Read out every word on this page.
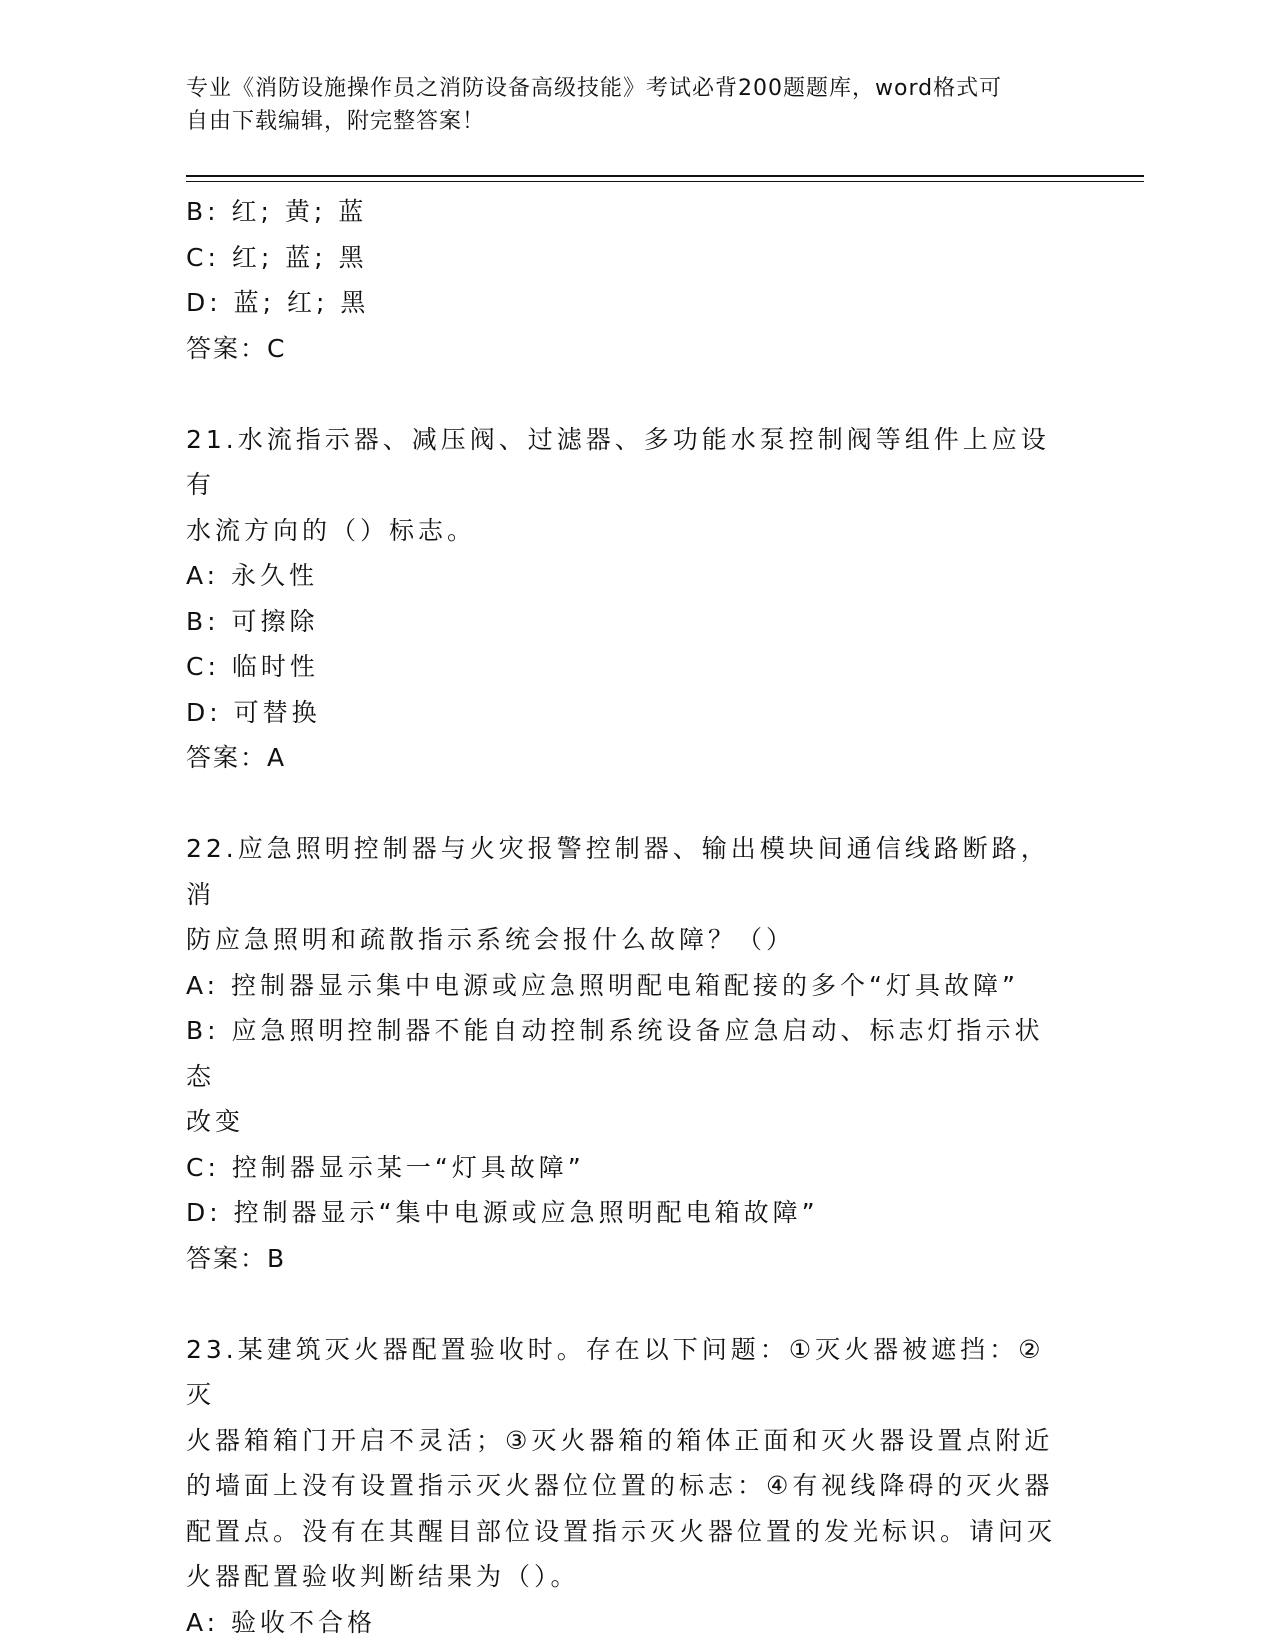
专业《消防设施操作员之消防设备高级技能》考试必背200题题库，word格式可
自由下载编辑，附完整答案！

B: 红; 黄; 蓝

C: 红; 蓝; 黑

D: 蓝; 红; 黑

答案：C

21.水流指示器、减压阀、过滤器、多功能水泵控制阀等组件上应设有

水流方向的（）标志。

A: 永久性

B: 可擦除

C: 临时性

D: 可替换

答案：A

22.应急照明控制器与火灾报警控制器、输出模块间通信线路断路，消

防应急照明和疏散指示系统会报什么故障？（）

A: 控制器显示集中电源或应急照明配电箱配接的多个“灯具故障”

B: 应急照明控制器不能自动控制系统设备应急启动、标志灯指示状态

改变

C: 控制器显示某一“灯具故障”

D: 控制器显示“集中电源或应急照明配电箱故障”

答案：B

23.某建筑灭火器配置验收时。存在以下问题：①灭火器被遮挡：②灭

火器箱箱门开启不灵活；③灭火器箱的箱体正面和灭火器设置点附近

的墙面上没有设置指示灭火器位位置的标志：④有视线降碍的灭火器

配置点。没有在其醒目部位设置指示灭火器位置的发光标识。请问灭

火器配置验收判断结果为（）。

A: 验收不合格
